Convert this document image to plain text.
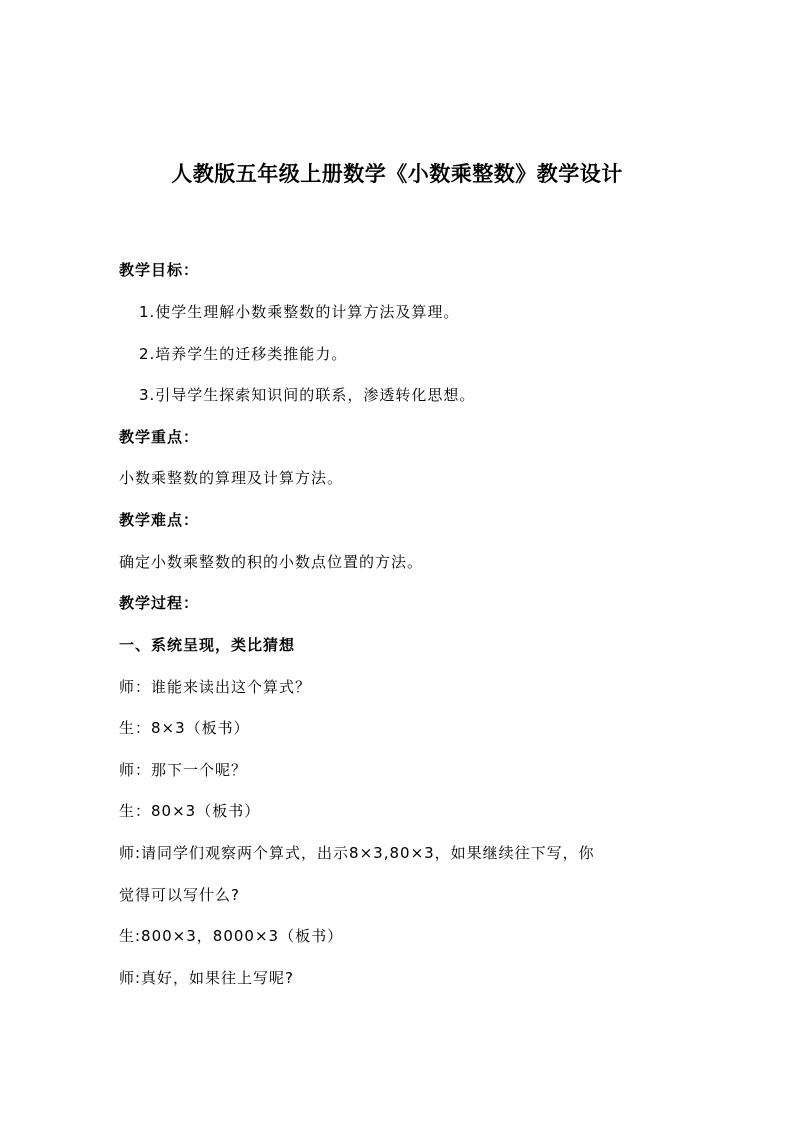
人教版五年级上册数学《小数乘整数》教学设计
教学目标：
1.使学生理解小数乘整数的计算方法及算理。
2.培养学生的迁移类推能力。
3.引导学生探索知识间的联系，渗透转化思想。
教学重点：
小数乘整数的算理及计算方法。
教学难点：
确定小数乘整数的积的小数点位置的方法。
教学过程：
一、系统呈现，类比猜想
师：谁能来读出这个算式？
生：8×3（板书）
师：那下一个呢？
生：80×3（板书）
师:请同学们观察两个算式，出示8×3,80×3，如果继续往下写，你
觉得可以写什么?
生:800×3，8000×3（板书）
师:真好，如果往上写呢?
